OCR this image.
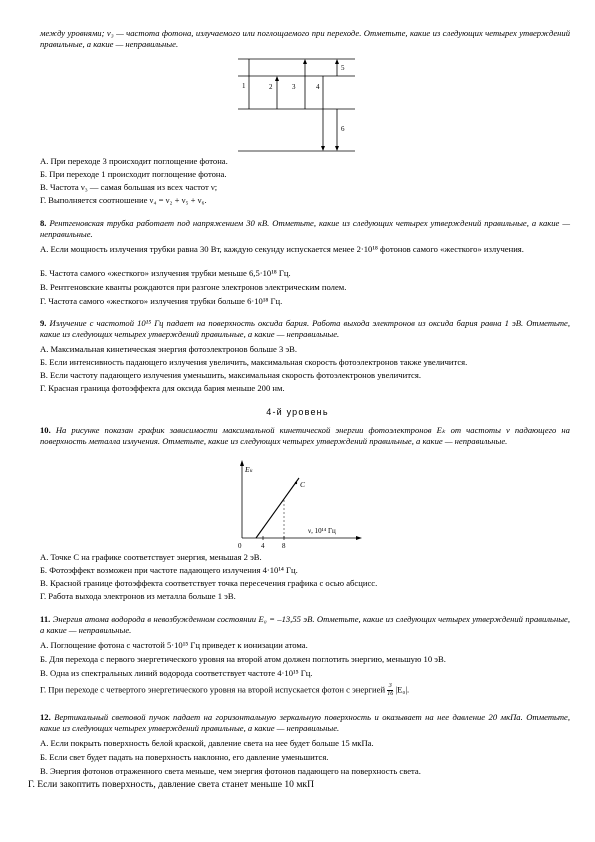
между уровнями; ν₃ — частота фотона, излучаемого или поглощаемого при переходе. Отметьте, какие из следующих четырех утверждений правильные, а какие — неправильные.
1	2	3	4
5
6
А. При переходе 3 происходит поглощение фотона.
Б. При переходе 1 происходит поглощение фотона.
В. Частота ν₃ — самая большая из всех частот ν;
Г. Выполняется соотношение ν₄ = ν₂ + ν₅ + ν₆.
8. Рентгеновская трубка работает под напряжением 30 кВ. Отметьте, какие из следующих четырех утверждений правильные, а какие — неправильные.
А. Если мощность излучения трубки равна 30 Вт, каждую секунду испускается менее 2·10¹⁸ фотонов самого «жесткого» излучения.
Б. Частота самого «жесткого» излучения трубки меньше 6,5·10¹⁸ Гц.
В. Рентгеновские кванты рождаются при разгоне электронов электрическим полем.
Г. Частота самого «жесткого» излучения трубки больше 6·10¹⁸ Гц.
9. Излучение с частотой 10¹⁵ Гц падает на поверхность оксида бария. Работа выхода электронов из оксида бария равна 1 эВ. Отметьте, какие из следующих четырех утверждений правильные, а какие — неправильные.
А. Максимальная кинетическая энергия фотоэлектронов больше 3 эВ.
Б. Если интенсивность падающего излучения увеличить, максимальная скорость фотоэлектронов также увеличится.
В. Если частоту падающего излучения уменьшить, максимальная скорость фотоэлектронов увеличится.
Г. Красная граница фотоэффекта для оксида бария меньше 200 нм.
4-й уровень
10. На рисунке показан график зависимости максимальной кинетической энергии фотоэлектронов Eₖ от частоты ν падающего на поверхность металла излучения. Отметьте, какие из следующих четырех утверждений правильные, а какие — неправильные.
Eₖ
ν, 10¹⁴ Гц
C
0	4	8
А. Точке C на графике соответствует энергия, меньшая 2 эВ.
Б. Фотоэффект возможен при частоте падающего излучения 4·10¹⁴ Гц.
В. Красной границе фотоэффекта соответствует точка пересечения графика с осью абсцисс.
Г. Работа выхода электронов из металла больше 1 эВ.
11. Энергия атома водорода в невозбужденном состоянии E₀ = –13,55 эВ. Отметьте, какие из следующих четырех утверждений правильные, а какие — неправильные.
А. Поглощение фотона с частотой 5·10¹⁵ Гц приведет к ионизации атома.
Б. Для перехода с первого энергетического уровня на второй атом должен поглотить энергию, меньшую 10 эВ.
В. Одна из спектральных линий водорода соответствует частоте 4·10¹⁵ Гц.
Г. При переходе с четвертого энергетического уровня на второй испускается фотон с энергией $\frac{3}{16} |E_0|$.
12. Вертикальный световой пучок падает на горизонтальную зеркальную поверхность и оказывает на нее давление 20 мкПа. Отметьте, какие из следующих четырех утверждений правильные, а какие — неправильные.
А. Если покрыть поверхность белой краской, давление света на нее будет больше 15 мкПа.
Б. Если свет будет падать на поверхность наклонно, его давление уменьшится.
В. Энергия фотонов отраженного света меньше, чем энергия фотонов падающего на поверхность света.
Г. Если закоптить поверхность, давление света станет меньше 10 мкП
